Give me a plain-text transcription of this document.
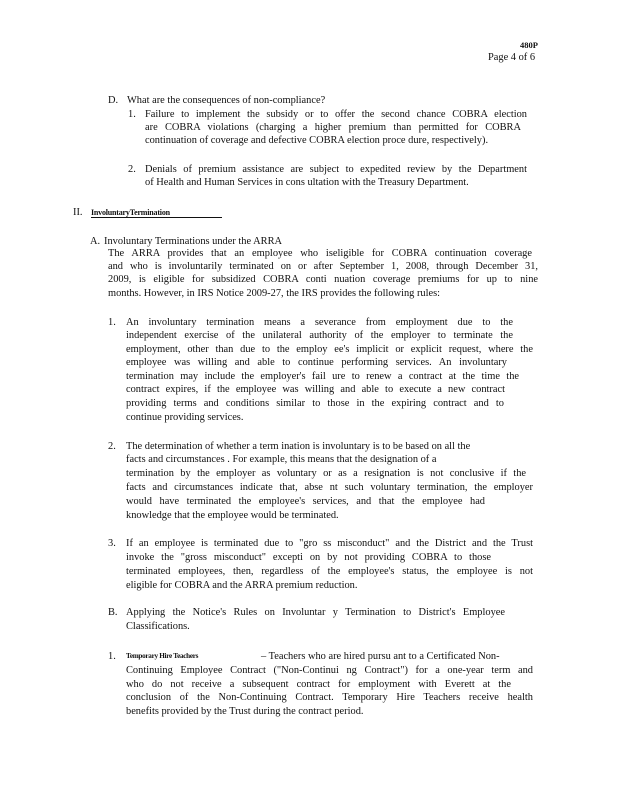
480P
Page 4 of 6
D. What are the consequences of non-compliance?
1. Failure to implement the subsidy or to offer the second chance COBRA election
are COBRA violations (charging a higher premium than permitted for COBRA
continuation of coverage and defective COBRA election proce dure, respectively).
2. Denials of premium assistance are subject to expedited review by the Department
of Health and Human Services in cons ultation with the Treasury Department.
II. InvoluntaryTermination
A. Involuntary Terminations under the ARRA
The ARRA provides that an employee who iseligible for COBRA continuation coverage
and who is involuntarily terminated on or after September 1, 2008, through December 31,
2009, is eligible for subsidized COBRA conti nuation coverage premiums for up to nine
months. However, in IRS Notice 2009-27, the IRS provides the following rules:
1. An involuntary termination means a severance from employment due to the
independent exercise of the unilateral authority of the employer to terminate the
employment, other than due to the employ ee's implicit or explicit request, where the
employee was willing and able to continue performing services. An involuntary
termination may include the employer's fail ure to renew a contract at the time the
contract expires, if the employee was willing and able to execute a new contract
providing terms and conditions similar to those in the expiring contract and to
continue providing services.
2. The determination of whether a term ination is involuntary is to be based on all the
facts and circumstances . For example, this means that the designation of a
termination by the employer as voluntary or as a resignation is not conclusive if the
facts and circumstances indicate that, abse nt such voluntary termination, the employer
would have terminated the employee's services, and that the employee had
knowledge that the employee would be terminated.
3. If an employee is terminated due to "gro ss misconduct" and the District and the Trust
invoke the "gross misconduct" excepti on by not providing COBRA to those
terminated employees, then, regardless of the employee's status, the employee is not
eligible for COBRA and the ARRA premium reduction.
B. Applying the Notice's Rules on Involuntar y Termination to District's Employee
Classifications.
1. Temporary Hire Teachers	– Teachers who are hired pursu ant to a Certificated Non-
Continuing Employee Contract ("Non-Continui ng Contract") for a one-year term and
who do not receive a subsequent contract for employment with Everett at the
conclusion of the Non-Continuing Contract. Temporary Hire Teachers receive health
benefits provided by the Trust during the contract period.
